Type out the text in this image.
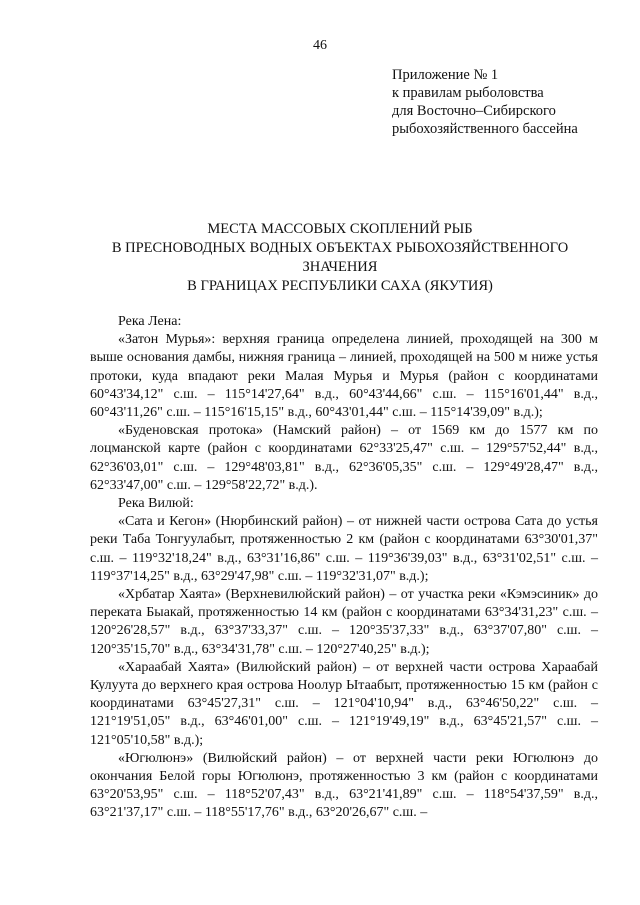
46
Приложение № 1
к правилам рыболовства
для Восточно–Сибирского
рыбохозяйственного бассейна
МЕСТА МАССОВЫХ СКОПЛЕНИЙ РЫБ
В ПРЕСНОВОДНЫХ ВОДНЫХ ОБЪЕКТАХ РЫБОХОЗЯЙСТВЕННОГО
ЗНАЧЕНИЯ
В ГРАНИЦАХ РЕСПУБЛИКИ САХА (ЯКУТИЯ)

Река Лена:

«Затон Мурья»: верхняя граница определена линией, проходящей на 300 м выше основания дамбы, нижняя граница – линией, проходящей на 500 м ниже устья протоки, куда впадают реки Малая Мурья и Мурья (район с координатами 60°43'34,12" с.ш. – 115°14'27,64" в.д., 60°43'44,66" с.ш. – 115°16'01,44" в.д., 60°43'11,26" с.ш. – 115°16'15,15" в.д., 60°43'01,44" с.ш. – 115°14'39,09" в.д.);

«Буденовская протока» (Намский район) – от 1569 км до 1577 км по лоцманской карте (район с координатами 62°33'25,47" с.ш. – 129°57'52,44" в.д., 62°36'03,01" с.ш. – 129°48'03,81" в.д., 62°36'05,35" с.ш. – 129°49'28,47" в.д., 62°33'47,00" с.ш. – 129°58'22,72" в.д.).

Река Вилюй:

«Сата и Кегон» (Нюрбинский район) – от нижней части острова Сата до устья реки Таба Тонгуулабыт, протяженностью 2 км (район с координатами 63°30'01,37" с.ш. – 119°32'18,24" в.д., 63°31'16,86" с.ш. – 119°36'39,03" в.д., 63°31'02,51" с.ш. – 119°37'14,25" в.д., 63°29'47,98" с.ш. – 119°32'31,07" в.д.);

«Хрбатар Хаята» (Верхневилюйский район) – от участка реки «Кэмэсиник» до переката Быакай, протяженностью 14 км (район с координатами 63°34'31,23" с.ш. – 120°26'28,57" в.д., 63°37'33,37" с.ш. – 120°35'37,33" в.д., 63°37'07,80" с.ш. – 120°35'15,70" в.д., 63°34'31,78" с.ш. – 120°27'40,25" в.д.);

«Хараабай Хаята» (Вилюйский район) – от верхней части острова Хараабай Кулуута до верхнего края острова Ноолур Ытаабыт, протяженностью 15 км (район с координатами 63°45'27,31" с.ш. – 121°04'10,94" в.д., 63°46'50,22" с.ш. – 121°19'51,05" в.д., 63°46'01,00" с.ш. – 121°19'49,19" в.д., 63°45'21,57" с.ш. – 121°05'10,58" в.д.);

«Югюлюнэ» (Вилюйский район) – от верхней части реки Югюлюнэ до окончания Белой горы Югюлюнэ, протяженностью 3 км (район с координатами 63°20'53,95" с.ш. – 118°52'07,43" в.д., 63°21'41,89" с.ш. – 118°54'37,59" в.д., 63°21'37,17" с.ш. – 118°55'17,76" в.д., 63°20'26,67" с.ш. –
